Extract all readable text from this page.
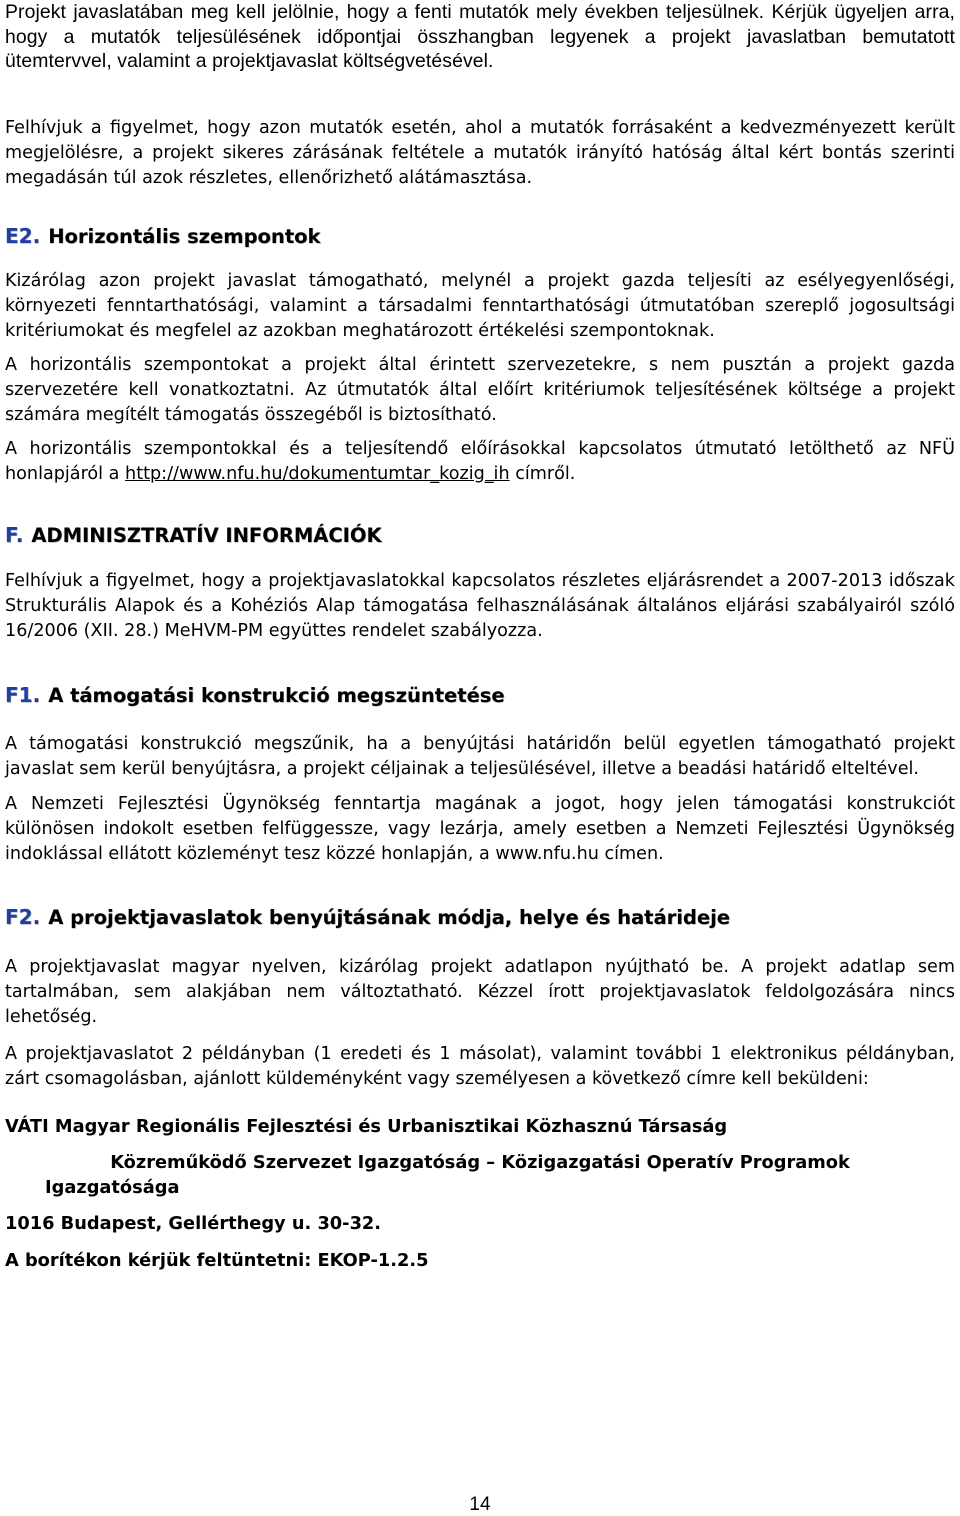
Projekt javaslatában meg kell jelölnie, hogy a fenti mutatók mely években teljesülnek. Kérjük ügyeljen arra, hogy a mutatók teljesülésének időpontjai összhangban legyenek a projekt javaslatban bemutatott ütemtervvel, valamint a projektjavaslat költségvetésével.

Felhívjuk a figyelmet, hogy azon mutatók esetén, ahol a mutatók forrásaként a kedvezményezett került megjelölésre, a projekt sikeres zárásának feltétele a mutatók irányító hatóság által kért bontás szerinti megadásán túl azok részletes, ellenőrizhető alátámasztása.

E2. Horizontális szempontok

Kizárólag azon projekt javaslat támogatható, melynél a projekt gazda teljesíti az esélyegyenlőségi, környezeti fenntarthatósági, valamint a társadalmi fenntarthatósági útmutatóban szereplő jogosultsági kritériumokat és megfelel az azokban meghatározott értékelési szempontoknak.

A horizontális szempontokat a projekt által érintett szervezetekre, s nem pusztán a projekt gazda szervezetére kell vonatkoztatni. Az útmutatók által előírt kritériumok teljesítésének költsége a projekt számára megítélt támogatás összegéből is biztosítható.

A horizontális szempontokkal és a teljesítendő előírásokkal kapcsolatos útmutató letölthető az NFÜ honlapjáról a http://www.nfu.hu/dokumentumtar_kozig_ih címről.

F. ADMINISZTRATÍV INFORMÁCIÓK

Felhívjuk a figyelmet, hogy a projektjavaslatokkal kapcsolatos részletes eljárásrendet a 2007-2013 időszak Strukturális Alapok és a Kohéziós Alap támogatása felhasználásának általános eljárási szabályairól szóló 16/2006 (XII. 28.) MeHVM-PM együttes rendelet szabályozza.

F1. A támogatási konstrukció megszüntetése

A támogatási konstrukció megszűnik, ha a benyújtási határidőn belül egyetlen támogatható projekt javaslat sem kerül benyújtásra, a projekt céljainak a teljesülésével, illetve a beadási határidő elteltével.

A Nemzeti Fejlesztési Ügynökség fenntartja magának a jogot, hogy jelen támogatási konstrukciót különösen indokolt esetben felfüggessze, vagy lezárja, amely esetben a Nemzeti Fejlesztési Ügynökség indoklással ellátott közleményt tesz közzé honlapján, a www.nfu.hu címen.

F2. A projektjavaslatok benyújtásának módja, helye és határideje

A projektjavaslat magyar nyelven, kizárólag projekt adatlapon nyújtható be. A projekt adatlap sem tartalmában, sem alakjában nem változtatható. Kézzel írott projektjavaslatok feldolgozására nincs lehetőség.

A projektjavaslatot 2 példányban (1 eredeti és 1 másolat), valamint további 1 elektronikus példányban, zárt csomagolásban, ajánlott küldeményként vagy személyesen a következő címre kell beküldeni:

VÁTI Magyar Regionális Fejlesztési és Urbanisztikai Közhasznú Társaság

Közreműködő Szervezet Igazgatóság – Közigazgatási Operatív Programok Igazgatósága

1016 Budapest, Gellérthegy u. 30-32.

A borítékon kérjük feltüntetni: EKOP-1.2.5

14
